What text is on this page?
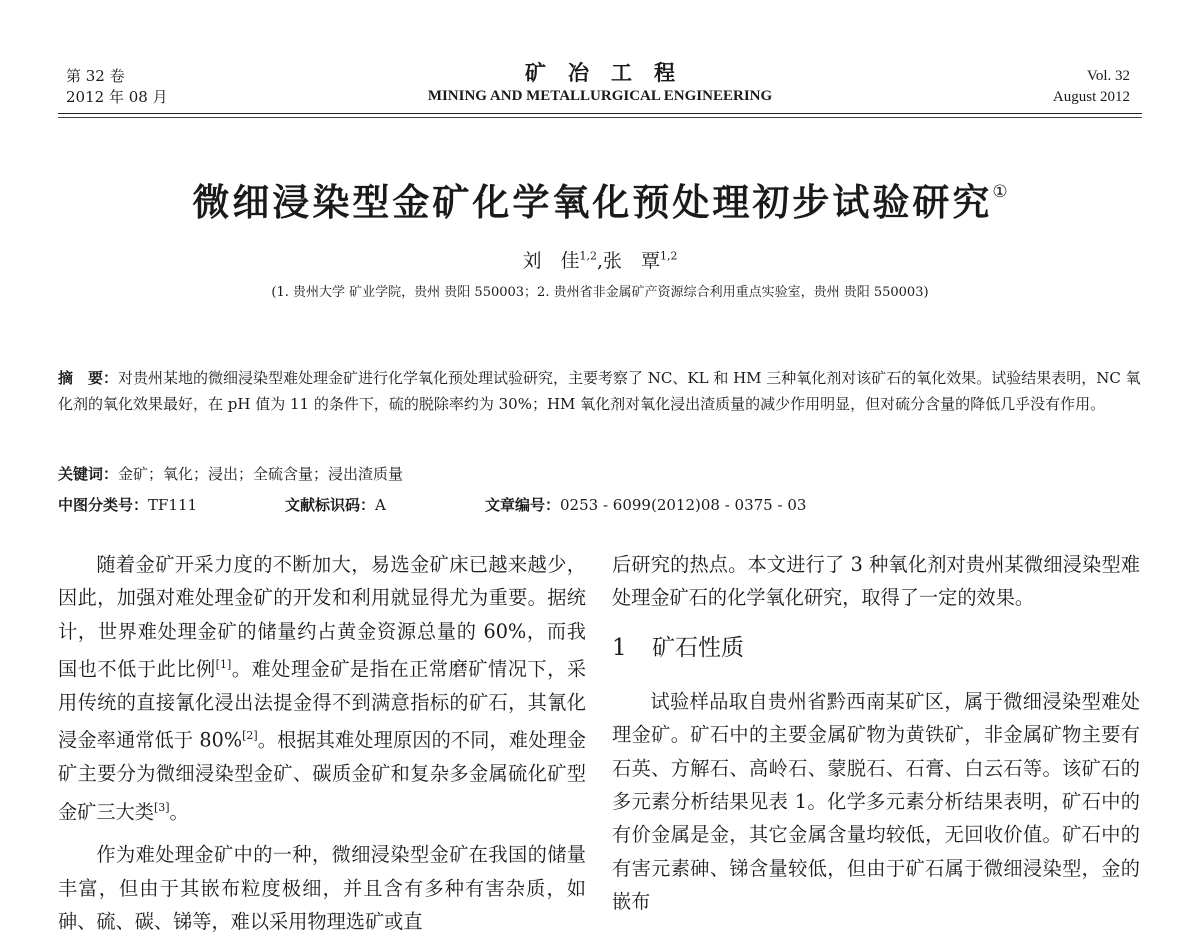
第 32 卷
2012 年 08 月
矿冶工程
MINING AND METALLURGICAL ENGINEERING
Vol. 32
August 2012
微细浸染型金矿化学氧化预处理初步试验研究①
刘　佳$^{1,2}$,张　覃$^{1,2}$
(1. 贵州大学 矿业学院，贵州 贵阳 550003；2. 贵州省非金属矿产资源综合利用重点实验室，贵州 贵阳 550003)
摘　要：对贵州某地的微细浸染型难处理金矿进行化学氧化预处理试验研究，主要考察了 NC、KL 和 HM 三种氧化剂对该矿石的氧化效果。试验结果表明，NC 氧化剂的氧化效果最好，在 pH 值为 11 的条件下，硫的脱除率约为 30%；HM 氧化剂对氧化浸出渣质量的减少作用明显，但对硫分含量的降低几乎没有作用。
关键词：金矿；氧化；浸出；全硫含量；浸出渣质量
中图分类号：TF111	文献标识码：A	文章编号：0253 - 6099(2012)08 - 0375 - 03

随着金矿开采力度的不断加大，易选金矿床已越来越少，因此，加强对难处理金矿的开发和利用就显得尤为重要。据统计，世界难处理金矿的储量约占黄金资源总量的 60%，而我国也不低于此比例[1]。难处理金矿是指在正常磨矿情况下，采用传统的直接氰化浸出法提金得不到满意指标的矿石，其氰化浸金率通常低于 80%[2]。根据其难处理原因的不同，难处理金矿主要分为微细浸染型金矿、碳质金矿和复杂多金属硫化矿型金矿三大类[3]。

作为难处理金矿中的一种，微细浸染型金矿在我国的储量丰富，但由于其嵌布粒度极细，并且含有多种有害杂质，如砷、硫、碳、锑等，难以采用物理选矿或直

后研究的热点。本文进行了 3 种氧化剂对贵州某微细浸染型难处理金矿石的化学氧化研究，取得了一定的效果。

1 矿石性质

试验样品取自贵州省黔西南某矿区，属于微细浸染型难处理金矿。矿石中的主要金属矿物为黄铁矿，非金属矿物主要有石英、方解石、高岭石、蒙脱石、石膏、白云石等。该矿石的多元素分析结果见表 1。化学多元素分析结果表明，矿石中的有价金属是金，其它金属含量均较低，无回收价值。矿石中的有害元素砷、锑含量较低，但由于矿石属于微细浸染型，金的嵌布
